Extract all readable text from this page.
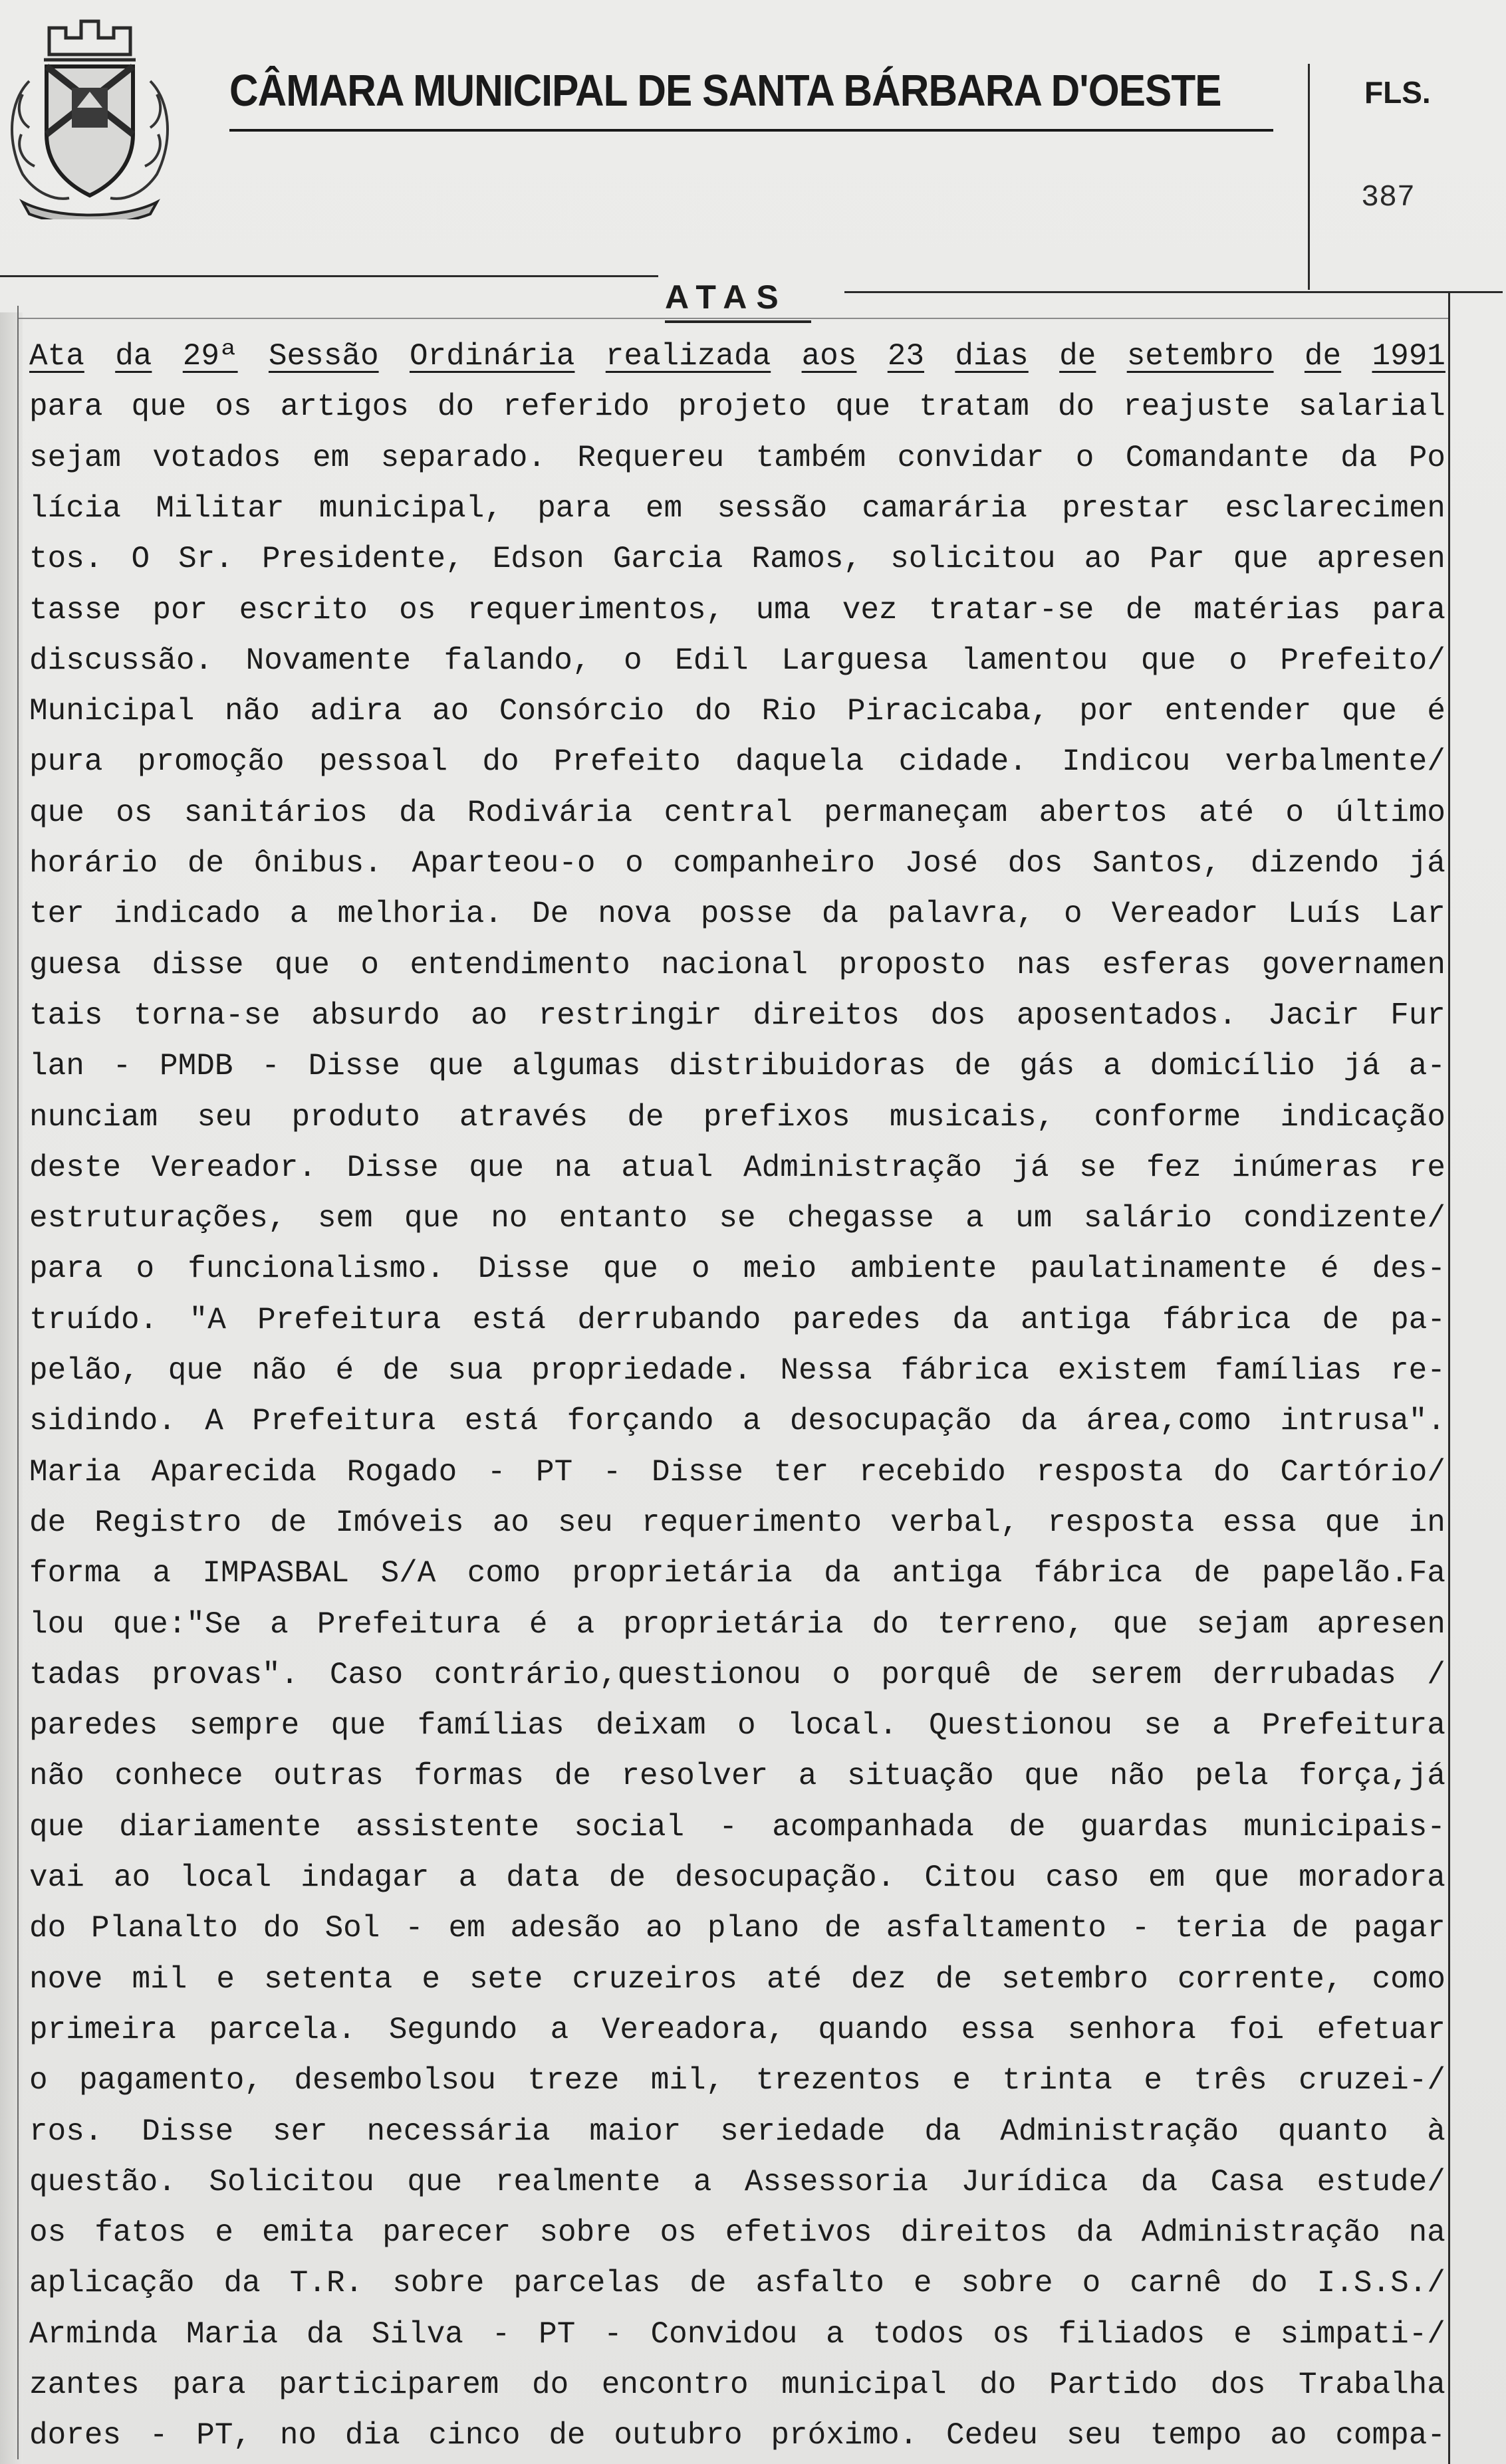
CÂMARA MUNICIPAL DE SANTA BÁRBARA D'OESTE	FLS.
387
ATAS
Ata da 29ª Sessão Ordinária realizada aos 23 dias de setembro de 1991
para que os artigos do referido projeto que tratam do reajuste salarial
sejam votados em separado. Requereu também convidar o Comandante da Po
lícia Militar municipal, para em sessão camarária prestar esclarecimen
tos. O Sr. Presidente, Edson Garcia Ramos, solicitou ao Par que apresen
tasse por escrito os requerimentos, uma vez tratar-se de matérias para
discussão. Novamente falando, o Edil Larguesa lamentou que o Prefeito/
Municipal não adira ao Consórcio do Rio Piracicaba, por entender que é
pura promoção pessoal do Prefeito daquela cidade. Indicou verbalmente/
que os sanitários da Rodivária central permaneçam abertos até o último
horário de ônibus. Aparteou-o o companheiro José dos Santos, dizendo já
ter indicado a melhoria. De nova posse da palavra, o Vereador Luís Lar
guesa disse que o entendimento nacional proposto nas esferas governamen
tais torna-se absurdo ao restringir direitos dos aposentados. Jacir Fur
lan - PMDB - Disse que algumas distribuidoras de gás a domicílio já a-
nunciam seu produto através de prefixos musicais, conforme indicação
deste Vereador. Disse que na atual Administração já se fez inúmeras re
estruturações, sem que no entanto se chegasse a um salário condizente/
para o funcionalismo. Disse que o meio ambiente paulatinamente é des-
truído. "A Prefeitura está derrubando paredes da antiga fábrica de pa-
pelão, que não é de sua propriedade. Nessa fábrica existem famílias re-
sidindo. A Prefeitura está forçando a desocupação da área,como intrusa".
Maria Aparecida Rogado - PT - Disse ter recebido resposta do Cartório/
de Registro de Imóveis ao seu requerimento verbal, resposta essa que in
forma a IMPASBAL S/A como proprietária da antiga fábrica de papelão.Fa
lou que:"Se a Prefeitura é a proprietária do terreno, que sejam apresen
tadas provas". Caso contrário,questionou o porquê de serem derrubadas /
paredes sempre que famílias deixam o local. Questionou se a Prefeitura
não conhece outras formas de resolver a situação que não pela força,já
que diariamente assistente social - acompanhada de guardas municipais-
vai ao local indagar a data de desocupação. Citou caso em que moradora
do Planalto do Sol - em adesão ao plano de asfaltamento - teria de pagar
nove mil e setenta e sete cruzeiros até dez de setembro corrente, como
primeira parcela. Segundo a Vereadora, quando essa senhora foi efetuar
o pagamento, desembolsou treze mil, trezentos e trinta e três cruzei-/
ros. Disse ser necessária maior seriedade da Administração quanto à
questão. Solicitou que realmente a Assessoria Jurídica da Casa estude/
os fatos e emita parecer sobre os efetivos direitos da Administração na
aplicação da T.R. sobre parcelas de asfalto e sobre o carnê do I.S.S./
Arminda Maria da Silva - PT - Convidou a todos os filiados e simpati-/
zantes para participarem do encontro municipal do Partido dos Trabalha
dores - PT, no dia cinco de outubro próximo. Cedeu seu tempo ao compa-
